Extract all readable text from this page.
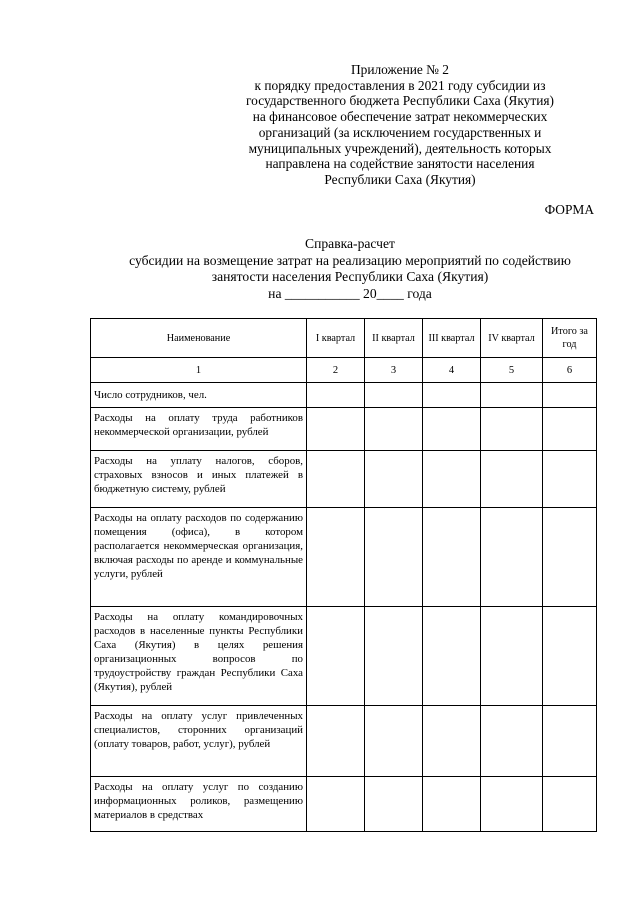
Приложение № 2
к порядку предоставления в 2021 году субсидии из
государственного бюджета Республики Саха (Якутия)
на финансовое обеспечение затрат некоммерческих
организаций (за исключением государственных и
муниципальных учреждений), деятельность которых
направлена на содействие занятости населения
Республики Саха (Якутия)
ФОРМА
Справка-расчет
субсидии на возмещение затрат на реализацию мероприятий по содействию
занятости населения Республики Саха (Якутия)
на ___________ 20____ года
Наименование	I квартал	II квартал	III квартал	IV квартал	Итого за год
1	2	3	4	5	6
Число сотрудников, чел.					
Расходы на оплату труда работников некоммерческой организации, рублей					
Расходы на уплату налогов, сборов, страховых взносов и иных платежей в бюджетную систему, рублей					
Расходы на оплату расходов по содержанию помещения (офиса), в котором располагается некоммерческая организация, включая расходы по аренде и коммунальные услуги, рублей					
Расходы на оплату командировочных расходов в населенные пункты Республики Саха (Якутия) в целях решения организационных вопросов по трудоустройству граждан Республики Саха (Якутия), рублей					
Расходы на оплату услуг привлеченных специалистов, сторонних организаций (оплату товаров, работ, услуг), рублей					
Расходы на оплату услуг по созданию информационных роликов, размещению материалов в средствах					
